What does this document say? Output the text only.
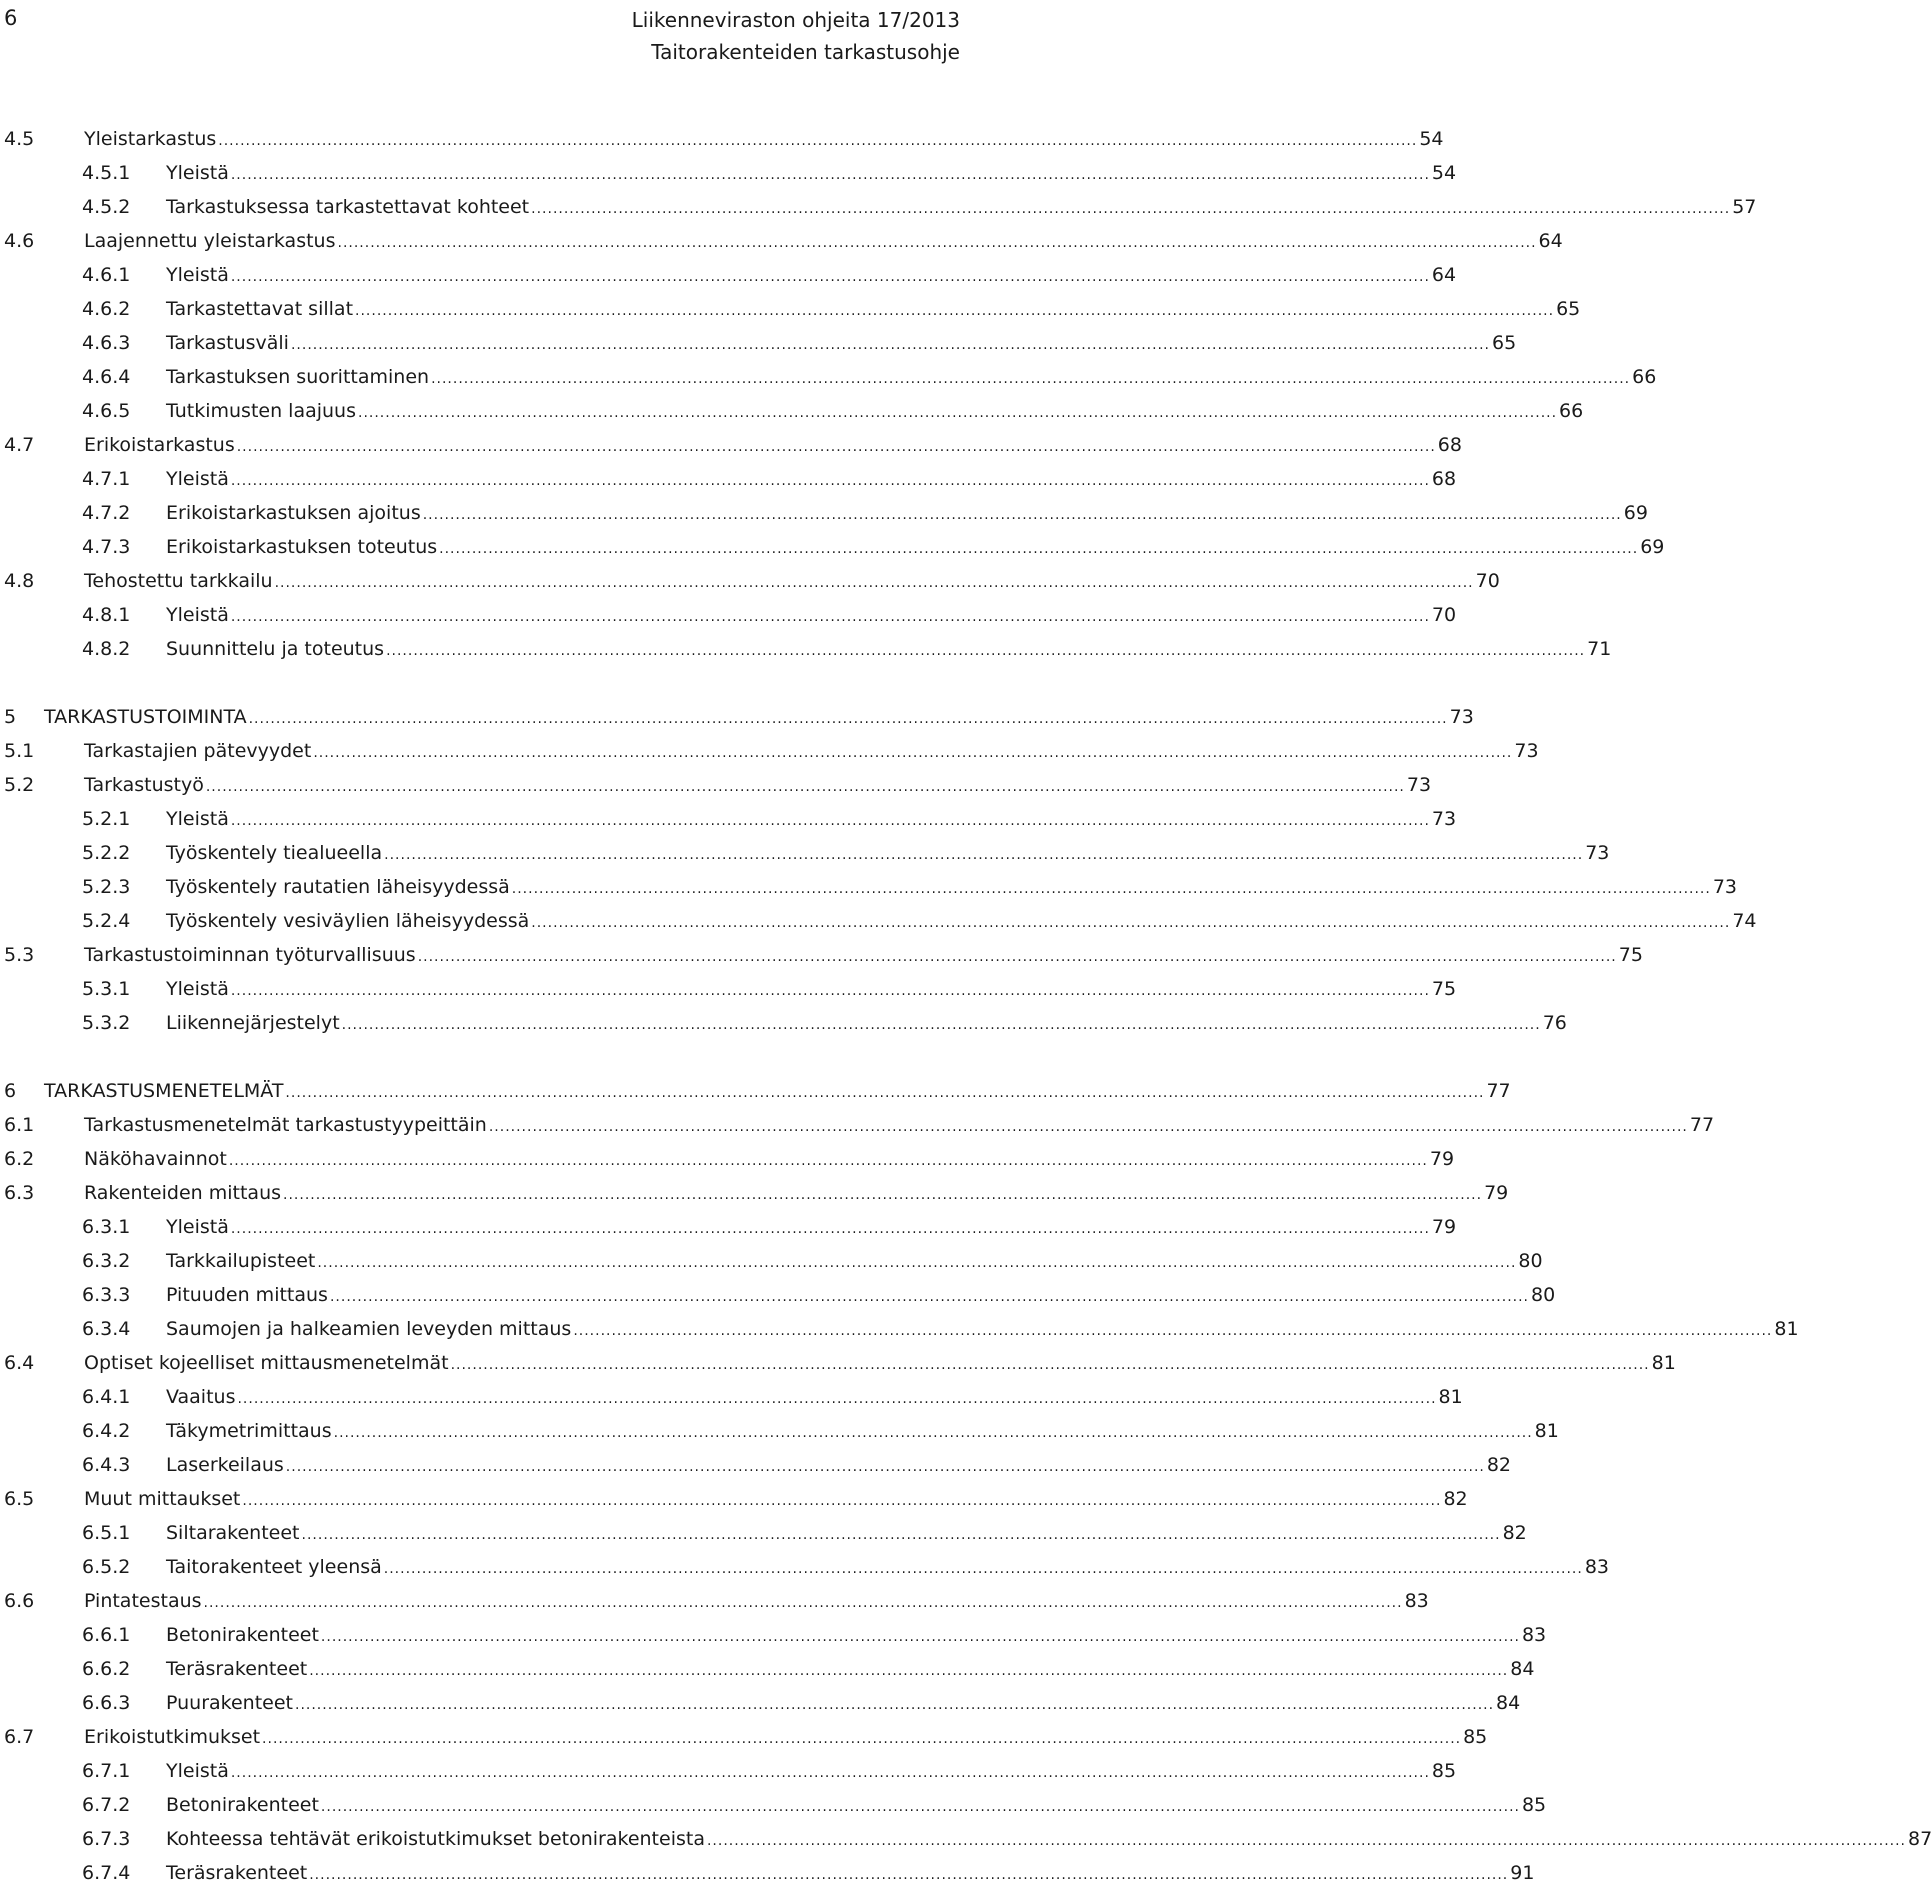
6	Liikenneviraston ohjeita 17/2013
Taitorakenteiden tarkastusohje
4.5	Yleistarkastus ............................................................................................................................................................................................................................ 54
4.5.1 Yleistä ............................................................................................................................................................................................................................ 54
4.5.2 Tarkastuksessa tarkastettavat kohteet ............................................................................................................................................................................................................................ 57
4.6	Laajennettu yleistarkastus ............................................................................................................................................................................................................................ 64
4.6.1 Yleistä ............................................................................................................................................................................................................................ 64
4.6.2 Tarkastettavat sillat ............................................................................................................................................................................................................................ 65
4.6.3 Tarkastusväli ............................................................................................................................................................................................................................ 65
4.6.4 Tarkastuksen suorittaminen ............................................................................................................................................................................................................................ 66
4.6.5 Tutkimusten laajuus ............................................................................................................................................................................................................................ 66
4.7	Erikoistarkastus ............................................................................................................................................................................................................................ 68
4.7.1 Yleistä ............................................................................................................................................................................................................................ 68
4.7.2 Erikoistarkastuksen ajoitus ............................................................................................................................................................................................................................ 69
4.7.3 Erikoistarkastuksen toteutus ............................................................................................................................................................................................................................ 69
4.8	Tehostettu tarkkailu ............................................................................................................................................................................................................................ 70
4.8.1 Yleistä ............................................................................................................................................................................................................................ 70
4.8.2 Suunnittelu ja toteutus ............................................................................................................................................................................................................................ 71
5 TARKASTUSTOIMINTA ............................................................................................................................................................................................................................ 73
5.1	Tarkastajien pätevyydet ............................................................................................................................................................................................................................ 73
5.2	Tarkastustyö ............................................................................................................................................................................................................................ 73
5.2.1 Yleistä ............................................................................................................................................................................................................................ 73
5.2.2 Työskentely tiealueella ............................................................................................................................................................................................................................ 73
5.2.3 Työskentely rautatien läheisyydessä ............................................................................................................................................................................................................................ 73
5.2.4 Työskentely vesiväylien läheisyydessä ............................................................................................................................................................................................................................ 74
5.3	Tarkastustoiminnan työturvallisuus ............................................................................................................................................................................................................................ 75
5.3.1 Yleistä ............................................................................................................................................................................................................................ 75
5.3.2 Liikennejärjestelyt ............................................................................................................................................................................................................................ 76
6 TARKASTUSMENETELMÄT ............................................................................................................................................................................................................................ 77
6.1	Tarkastusmenetelmät tarkastustyypeittäin ............................................................................................................................................................................................................................ 77
6.2	Näköhavainnot ............................................................................................................................................................................................................................ 79
6.3	Rakenteiden mittaus ............................................................................................................................................................................................................................ 79
6.3.1 Yleistä ............................................................................................................................................................................................................................ 79
6.3.2 Tarkkailupisteet ............................................................................................................................................................................................................................ 80
6.3.3 Pituuden mittaus ............................................................................................................................................................................................................................ 80
6.3.4 Saumojen ja halkeamien leveyden mittaus ............................................................................................................................................................................................................................ 81
6.4	Optiset kojeelliset mittausmenetelmät ............................................................................................................................................................................................................................ 81
6.4.1 Vaaitus ............................................................................................................................................................................................................................ 81
6.4.2 Täkymetrimittaus ............................................................................................................................................................................................................................ 81
6.4.3 Laserkeilaus ............................................................................................................................................................................................................................ 82
6.5	Muut mittaukset ............................................................................................................................................................................................................................ 82
6.5.1 Siltarakenteet ............................................................................................................................................................................................................................ 82
6.5.2 Taitorakenteet yleensä ............................................................................................................................................................................................................................ 83
6.6	Pintatestaus ............................................................................................................................................................................................................................ 83
6.6.1 Betonirakenteet ............................................................................................................................................................................................................................ 83
6.6.2 Teräsrakenteet ............................................................................................................................................................................................................................ 84
6.6.3 Puurakenteet ............................................................................................................................................................................................................................ 84
6.7	Erikoistutkimukset ............................................................................................................................................................................................................................ 85
6.7.1 Yleistä ............................................................................................................................................................................................................................ 85
6.7.2 Betonirakenteet ............................................................................................................................................................................................................................ 85
6.7.3 Kohteessa tehtävät erikoistutkimukset betonirakenteista ............................................................................................................................................................................................................................ 87
6.7.4 Teräsrakenteet ............................................................................................................................................................................................................................ 91
